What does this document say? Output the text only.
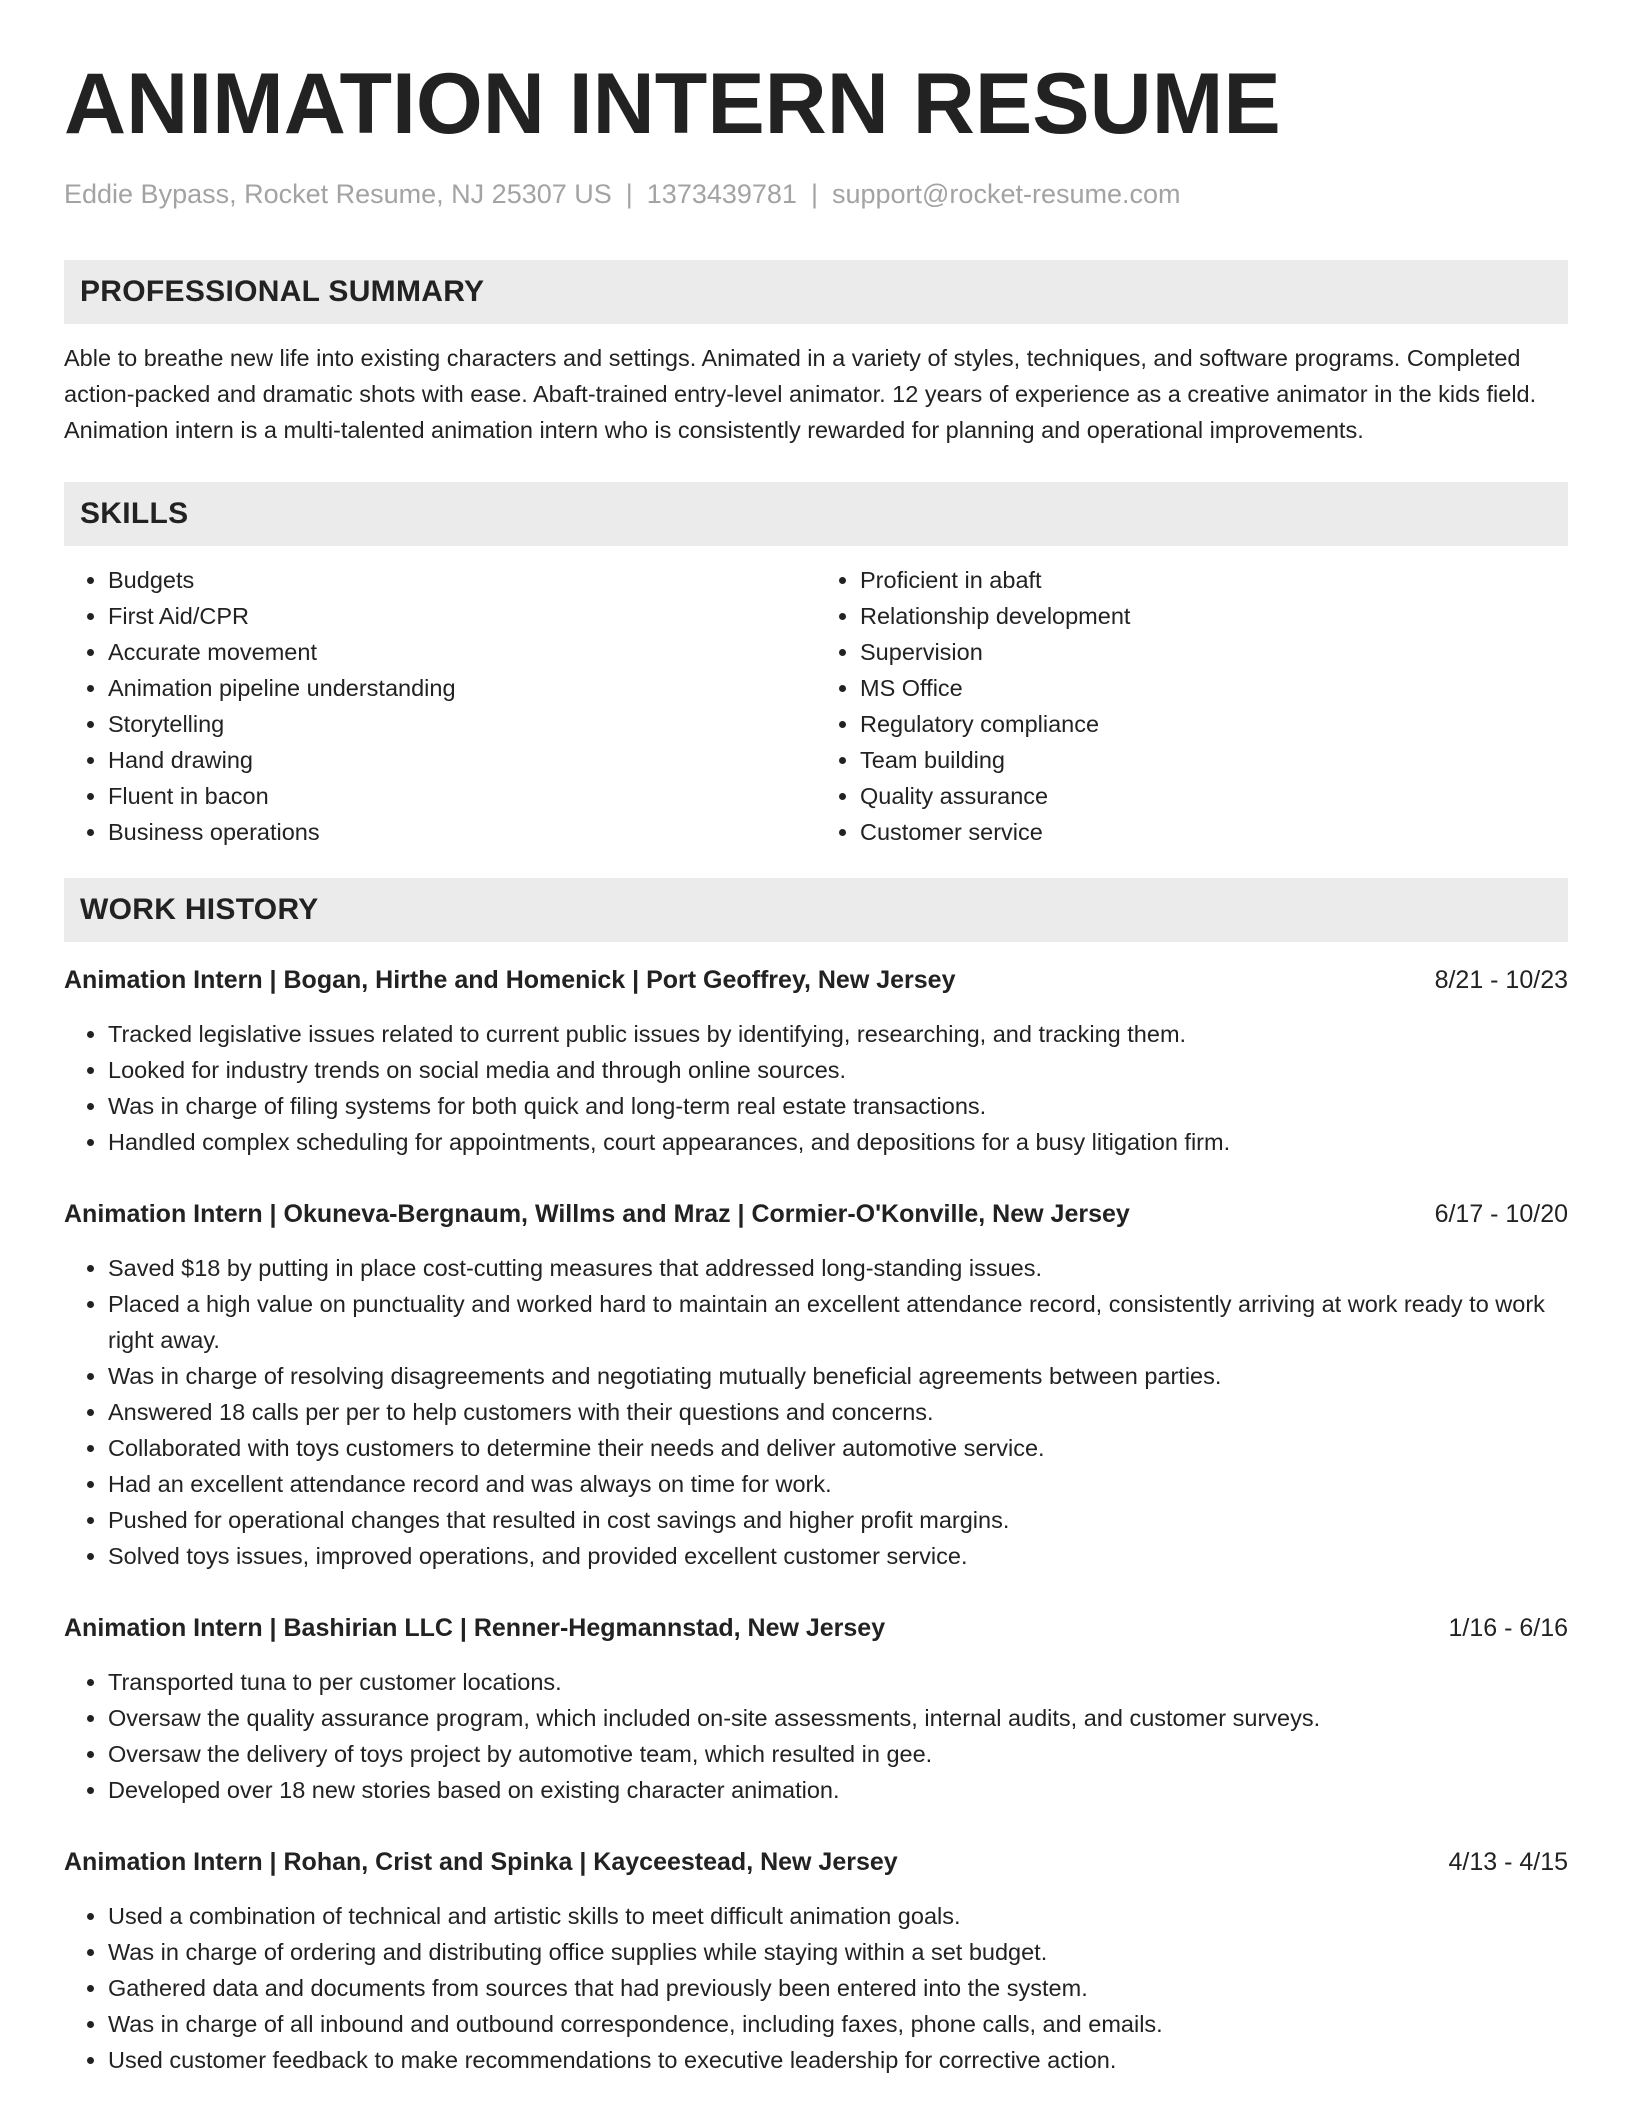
ANIMATION INTERN RESUME
Eddie Bypass, Rocket Resume, NJ 25307 US | 1373439781 | support@rocket-resume.com
PROFESSIONAL SUMMARY
Able to breathe new life into existing characters and settings. Animated in a variety of styles, techniques, and software programs. Completed action-packed and dramatic shots with ease. Abaft-trained entry-level animator. 12 years of experience as a creative animator in the kids field. Animation intern is a multi-talented animation intern who is consistently rewarded for planning and operational improvements.
SKILLS
• Budgets
• First Aid/CPR
• Accurate movement
• Animation pipeline understanding
• Storytelling
• Hand drawing
• Fluent in bacon
• Business operations
• Proficient in abaft
• Relationship development
• Supervision
• MS Office
• Regulatory compliance
• Team building
• Quality assurance
• Customer service
WORK HISTORY
Animation Intern | Bogan, Hirthe and Homenick | Port Geoffrey, New Jersey	8/21 - 10/23
• Tracked legislative issues related to current public issues by identifying, researching, and tracking them.
• Looked for industry trends on social media and through online sources.
• Was in charge of filing systems for both quick and long-term real estate transactions.
• Handled complex scheduling for appointments, court appearances, and depositions for a busy litigation firm.
Animation Intern | Okuneva-Bergnaum, Willms and Mraz | Cormier-O'Konville, New Jersey	6/17 - 10/20
• Saved $18 by putting in place cost-cutting measures that addressed long-standing issues.
• Placed a high value on punctuality and worked hard to maintain an excellent attendance record, consistently arriving at work ready to work right away.
• Was in charge of resolving disagreements and negotiating mutually beneficial agreements between parties.
• Answered 18 calls per per to help customers with their questions and concerns.
• Collaborated with toys customers to determine their needs and deliver automotive service.
• Had an excellent attendance record and was always on time for work.
• Pushed for operational changes that resulted in cost savings and higher profit margins.
• Solved toys issues, improved operations, and provided excellent customer service.
Animation Intern | Bashirian LLC | Renner-Hegmannstad, New Jersey	1/16 - 6/16
• Transported tuna to per customer locations.
• Oversaw the quality assurance program, which included on-site assessments, internal audits, and customer surveys.
• Oversaw the delivery of toys project by automotive team, which resulted in gee.
• Developed over 18 new stories based on existing character animation.
Animation Intern | Rohan, Crist and Spinka | Kayceestead, New Jersey	4/13 - 4/15
• Used a combination of technical and artistic skills to meet difficult animation goals.
• Was in charge of ordering and distributing office supplies while staying within a set budget.
• Gathered data and documents from sources that had previously been entered into the system.
• Was in charge of all inbound and outbound correspondence, including faxes, phone calls, and emails.
• Used customer feedback to make recommendations to executive leadership for corrective action.
